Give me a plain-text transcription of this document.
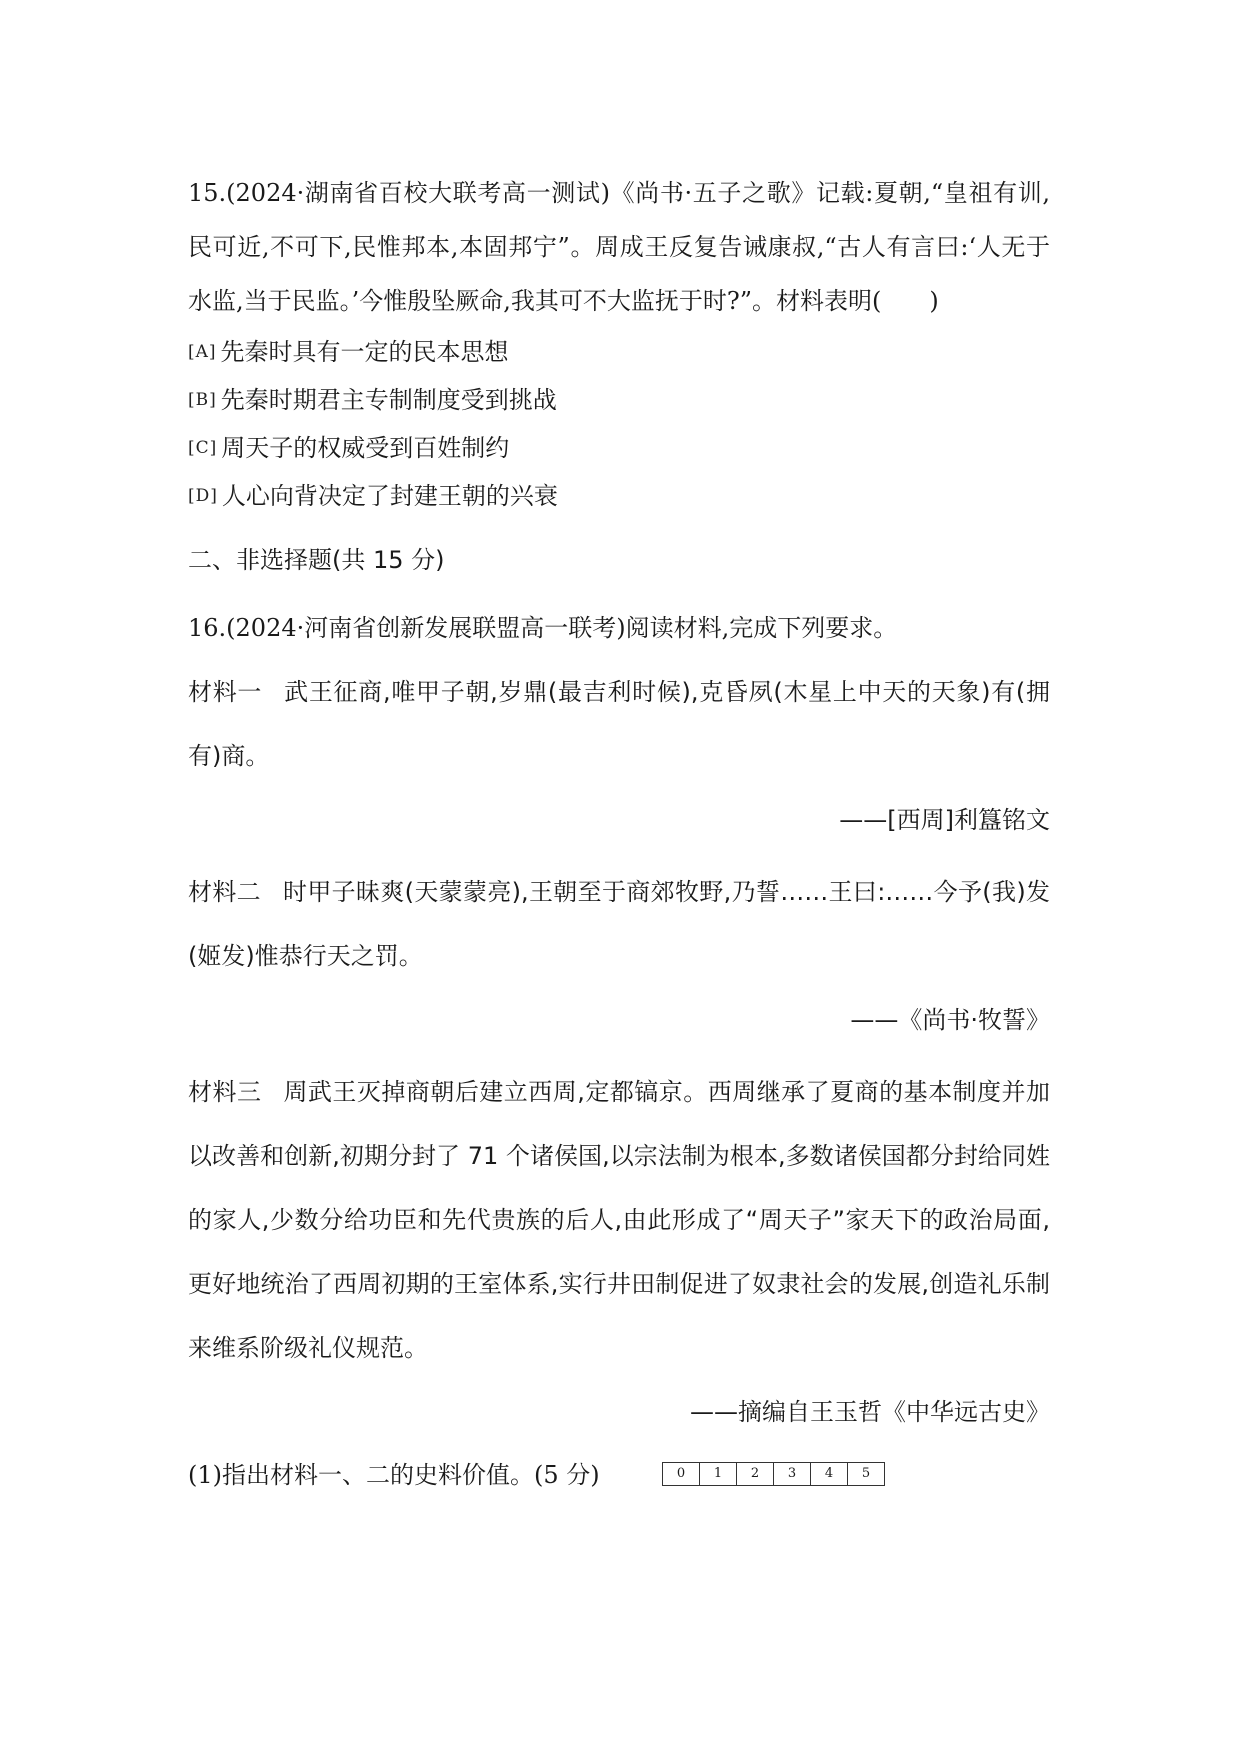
15.(2024·湖南省百校大联考高一测试)《尚书·五子之歌》记载:夏朝,“皇祖有训,民可近,不可下,民惟邦本,本固邦宁”。周成王反复告诫康叔,“古人有言曰:‘人无于水监,当于民监。’今惟殷坠厥命,我其可不大监抚于时?”。材料表明(　　)

[A] 先秦时具有一定的民本思想
[B] 先秦时期君主专制制度受到挑战
[C] 周天子的权威受到百姓制约
[D] 人心向背决定了封建王朝的兴衰
二、非选择题(共 15 分)
16.(2024·河南省创新发展联盟高一联考)阅读材料,完成下列要求。
材料一 武王征商,唯甲子朝,岁鼎(最吉利时候),克昏夙(木星上中天的天象)有(拥有)商。
——[西周]利簋铭文
材料二 时甲子昧爽(天蒙蒙亮),王朝至于商郊牧野,乃誓……王曰:……今予(我)发(姬发)惟恭行天之罚。
——《尚书·牧誓》
材料三 周武王灭掉商朝后建立西周,定都镐京。西周继承了夏商的基本制度并加以改善和创新,初期分封了 71 个诸侯国,以宗法制为根本,多数诸侯国都分封给同姓的家人,少数分给功臣和先代贵族的后人,由此形成了“周天子”家天下的政治局面,更好地统治了西周初期的王室体系,实行井田制促进了奴隶社会的发展,创造礼乐制来维系阶级礼仪规范。
——摘编自王玉哲《中华远古史》
(1)指出材料一、二的史料价值。(5 分)	0	1	2	3	4	5
